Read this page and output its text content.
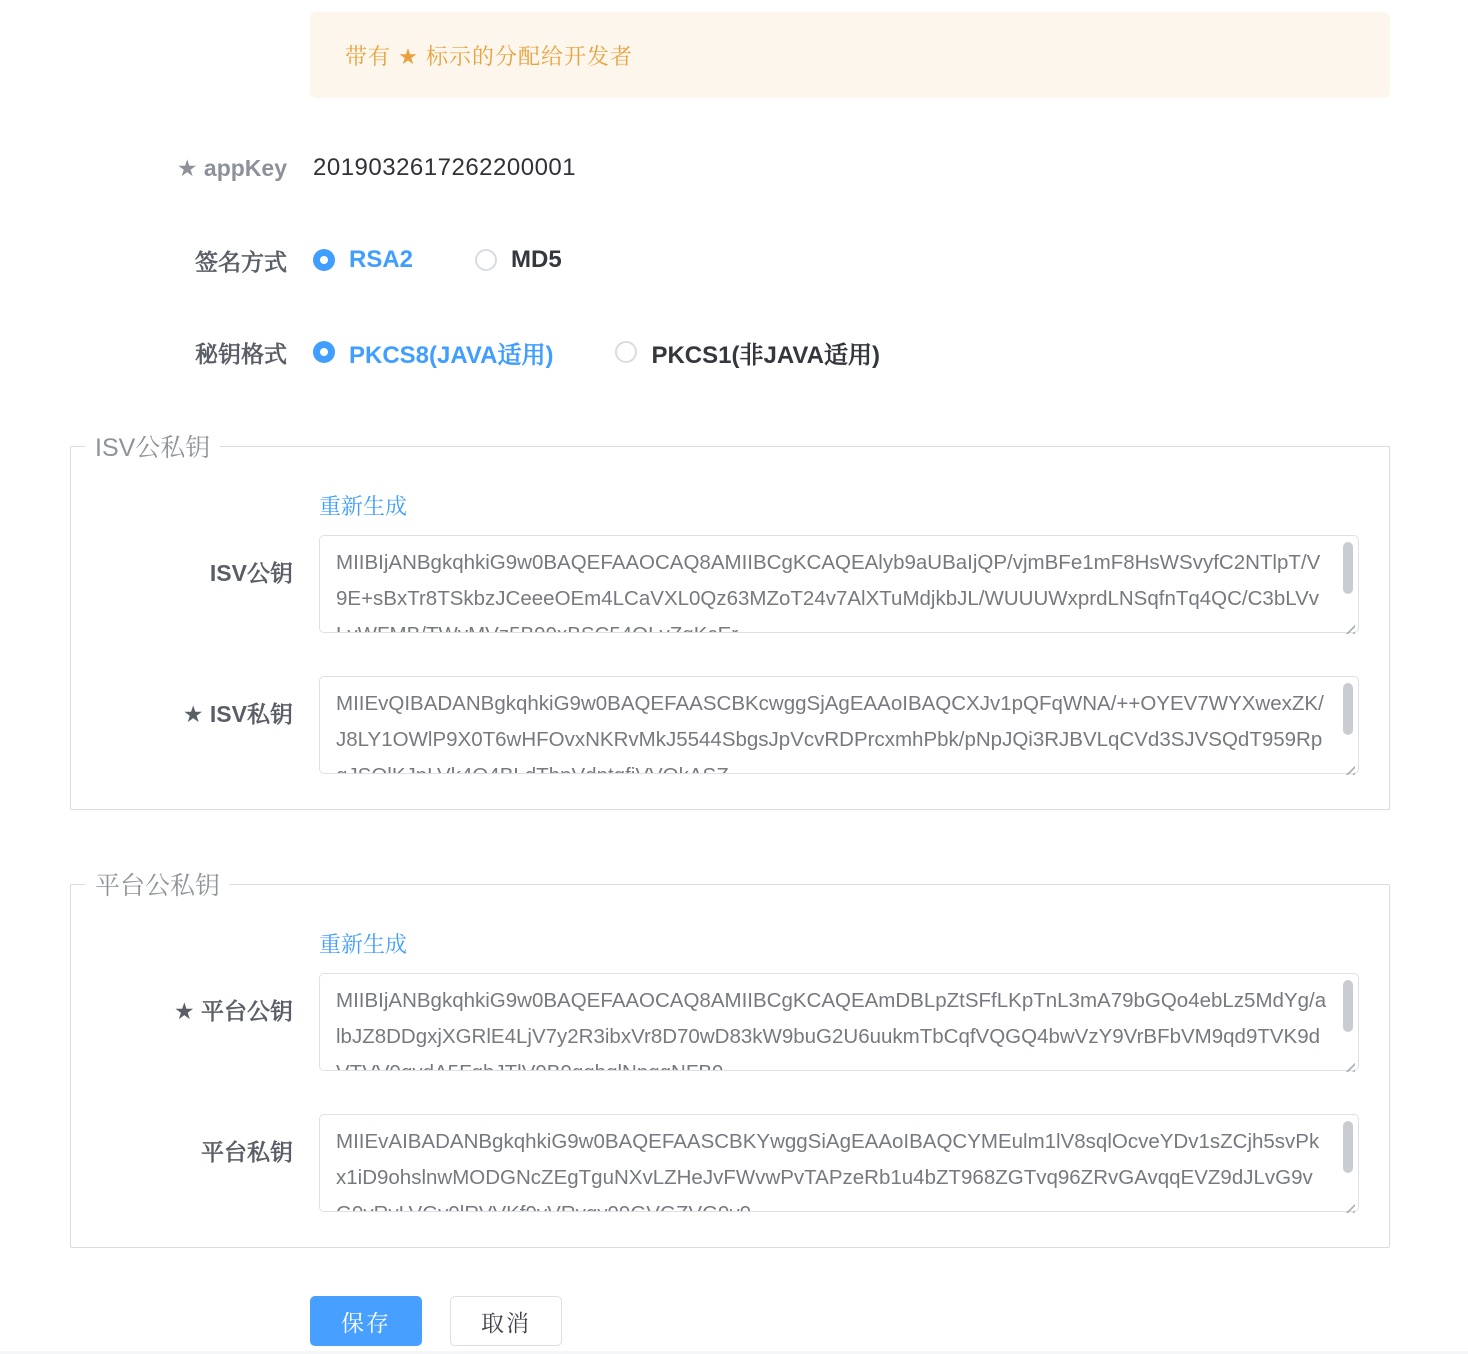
带有 ★ 标示的分配给开发者
★ appKey 2019032617262200001
签名方式	RSA2	MD5
秘钥格式	PKCS8(JAVA适用)	PKCS1(非JAVA适用)
ISV公私钥
重新生成
ISV公钥
MIIBIjANBgkqhkiG9w0BAQEFAAOCAQ8AMIIBCgKCAQEAlyb9aUBaIjQP/vjmBFe1mF8HsWSvyfC2NTlpT/V9E+sBxTr8TSkbzJCeeeOEm4LCaVXL0Qz63MZoT24v7AlXTuMdjkbJL/WUUUWxprdLNSqfnTq4QC/C3bLVvLvWFMB/TWvMVz5B99xBSC54QLvZqKcEr
★ ISV私钥
MIIEvQIBADANBgkqhkiG9w0BAQEFAASCBKcwggSjAgEAAoIBAQCXJv1pQFqWNA/++OYEV7WYXwexZK/J8LY1OWlP9X0T6wHFOvxNKRvMkJ5544SbgsJpVcvRDPrcxmhPbk/pNpJQi3RJBVLqCVd3SJVSQdT959RpqJSQlKJpLVk4Q4BLdTbpVdptqfjVVQkASZ
平台公私钥
重新生成
★ 平台公钥
MIIBIjANBgkqhkiG9w0BAQEFAAOCAQ8AMIIBCgKCAQEAmDBLpZtSFfLKpTnL3mA79bGQo4ebLz5MdYg/albJZ8DDgxjXGRlE4LjV7y2R3ibxVr8D70wD83kW9buG2U6uukmTbCqfVQGQ4bwVzY9VrBFbVM9qd9TVK9dVTVV9qvdA5FqbJTlV9B9qqbqlNpqqNFB9
平台私钥
MIIEvAIBADANBgkqhkiG9w0BAQEFAASCBKYwggSiAgEAAoIBAQCYMEulm1lV8sqlOcveYDv1sZCjh5svPkx1iD9ohslnwMODGNcZEgTguNXvLZHeJvFWvwPvTAPzeRb1u4bZT968ZGTvq96ZRvGAvqqEVZ9dJLvG9vG9vRvLVGv9lRVVKf9vVRvqv99GVGZVG9v9
保存	取消
